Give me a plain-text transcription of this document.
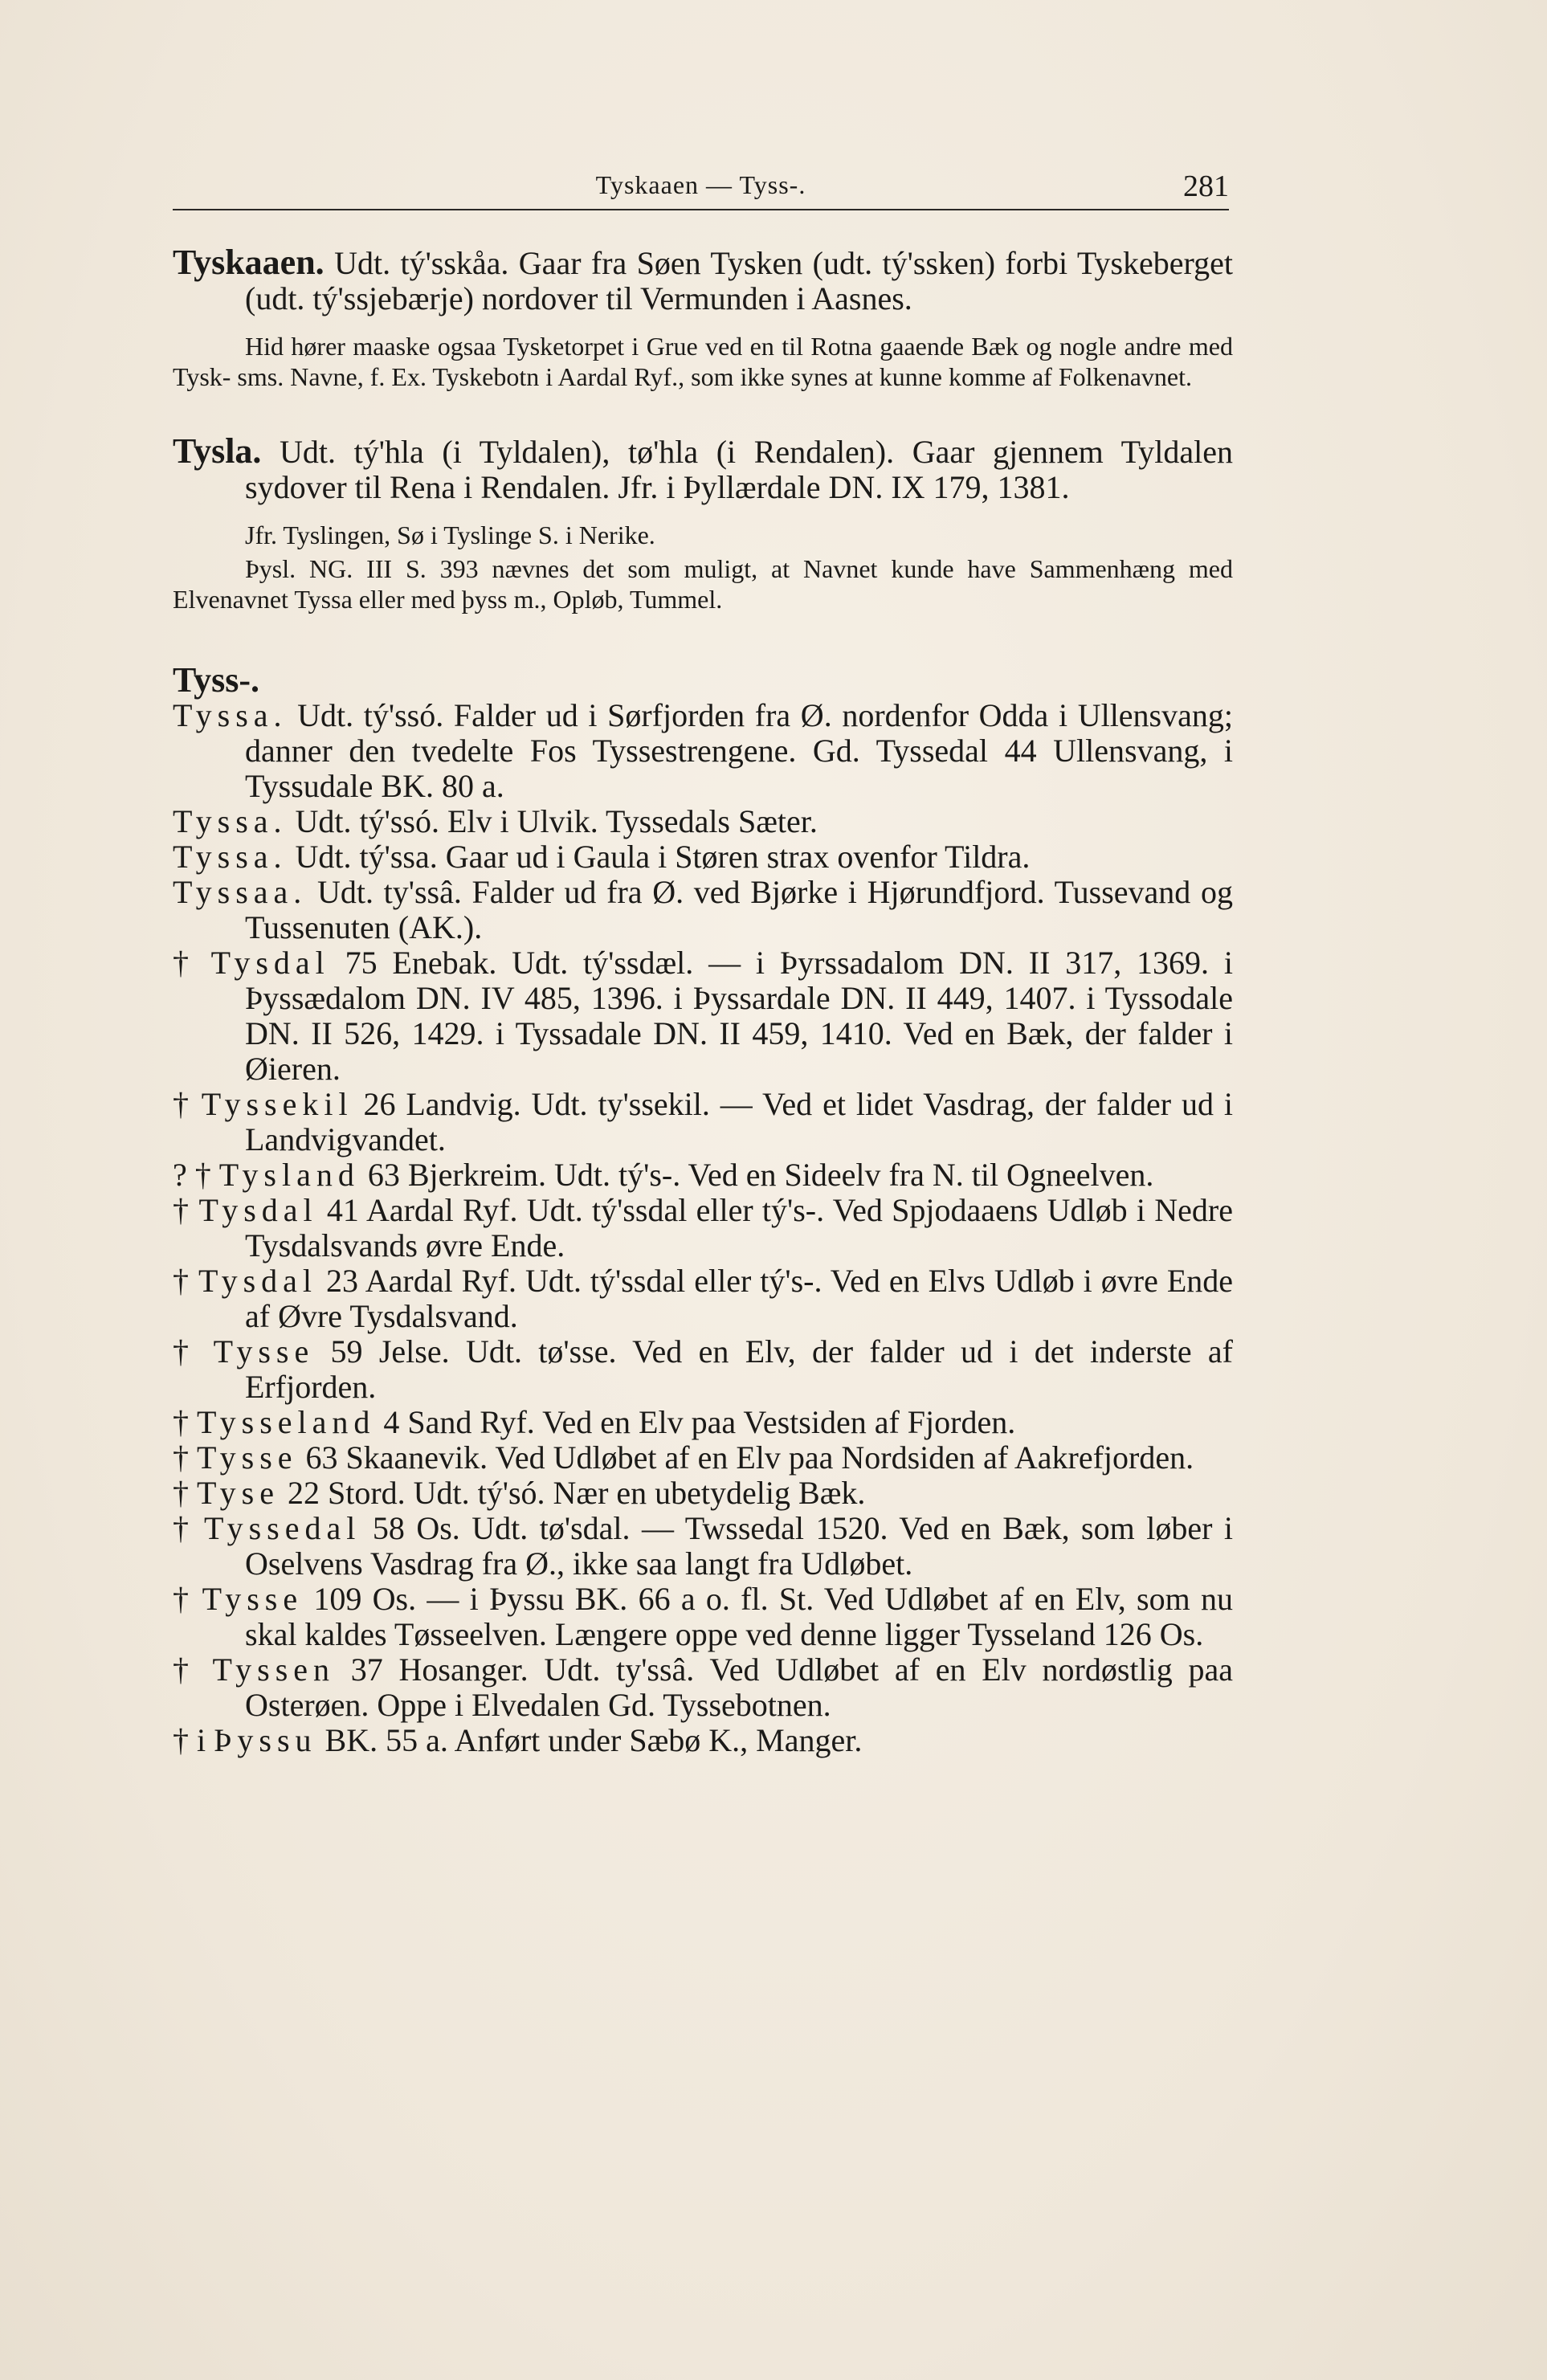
Tyskaaen — Tyss-.	281

Tyskaaen. Udt. tý'sskåa. Gaar fra Søen Tysken (udt. tý'ssken) forbi Tyskeberget (udt. tý'ssjebærje) nordover til Vermunden i Aasnes.

Hid hører maaske ogsaa Tysketorpet i Grue ved en til Rotna gaaende Bæk og nogle andre med Tysk- sms. Navne, f. Ex. Tyskebotn i Aardal Ryf., som ikke synes at kunne komme af Folkenavnet.

Tysla. Udt. tý'hla (i Tyldalen), tø'hla (i Rendalen). Gaar gjennem Tyldalen sydover til Rena i Rendalen. Jfr. i Þyllærdale DN. IX 179, 1381.

Jfr. Tyslingen, Sø i Tyslinge S. i Nerike.

Þysl. NG. III S. 393 nævnes det som muligt, at Navnet kunde have Sammenhæng med Elvenavnet Tyssa eller med þyss m., Opløb, Tummel.

Tyss-.

Tyssa. Udt. tý'ssó. Falder ud i Sørfjorden fra Ø. nordenfor Odda i Ullensvang; danner den tvedelte Fos Tyssestrengene. Gd. Tyssedal 44 Ullensvang, i Tyssudale BK. 80 a.

Tyssa. Udt. tý'ssó. Elv i Ulvik. Tyssedals Sæter.

Tyssa. Udt. tý'ssa. Gaar ud i Gaula i Støren strax ovenfor Tildra.

Tyssaa. Udt. ty'ssâ. Falder ud fra Ø. ved Bjørke i Hjørundfjord. Tussevand og Tussenuten (AK.).

† Tysdal 75 Enebak. Udt. tý'ssdæl. — i Þyrssadalom DN. II 317, 1369. i Þyssædalom DN. IV 485, 1396. i Þyssardale DN. II 449, 1407. i Tyssodale DN. II 526, 1429. i Tyssadale DN. II 459, 1410. Ved en Bæk, der falder i Øieren.

† Tyssekil 26 Landvig. Udt. ty'ssekil. — Ved et lidet Vasdrag, der falder ud i Landvigvandet.

? † Tysland 63 Bjerkreim. Udt. tý's-. Ved en Sideelv fra N. til Ogneelven.

† Tysdal 41 Aardal Ryf. Udt. tý'ssdal eller tý's-. Ved Spjodaaens Udløb i Nedre Tysdalsvands øvre Ende.

† Tysdal 23 Aardal Ryf. Udt. tý'ssdal eller tý's-. Ved en Elvs Udløb i øvre Ende af Øvre Tysdalsvand.

† Tysse 59 Jelse. Udt. tø'sse. Ved en Elv, der falder ud i det inderste af Erfjorden.

† Tysseland 4 Sand Ryf. Ved en Elv paa Vestsiden af Fjorden.

† Tysse 63 Skaanevik. Ved Udløbet af en Elv paa Nordsiden af Aakrefjorden.

† Tyse 22 Stord. Udt. tý'só. Nær en ubetydelig Bæk.

† Tyssedal 58 Os. Udt. tø'sdal. — Twssedal 1520. Ved en Bæk, som løber i Oselvens Vasdrag fra Ø., ikke saa langt fra Udløbet.

† Tysse 109 Os. — i Þyssu BK. 66 a o. fl. St. Ved Udløbet af en Elv, som nu skal kaldes Tøsseelven. Længere oppe ved denne ligger Tysseland 126 Os.

† Tyssen 37 Hosanger. Udt. ty'ssâ. Ved Udløbet af en Elv nordøstlig paa Osterøen. Oppe i Elvedalen Gd. Tyssebotnen.

† i Þyssu BK. 55 a. Anført under Sæbø K., Manger.
